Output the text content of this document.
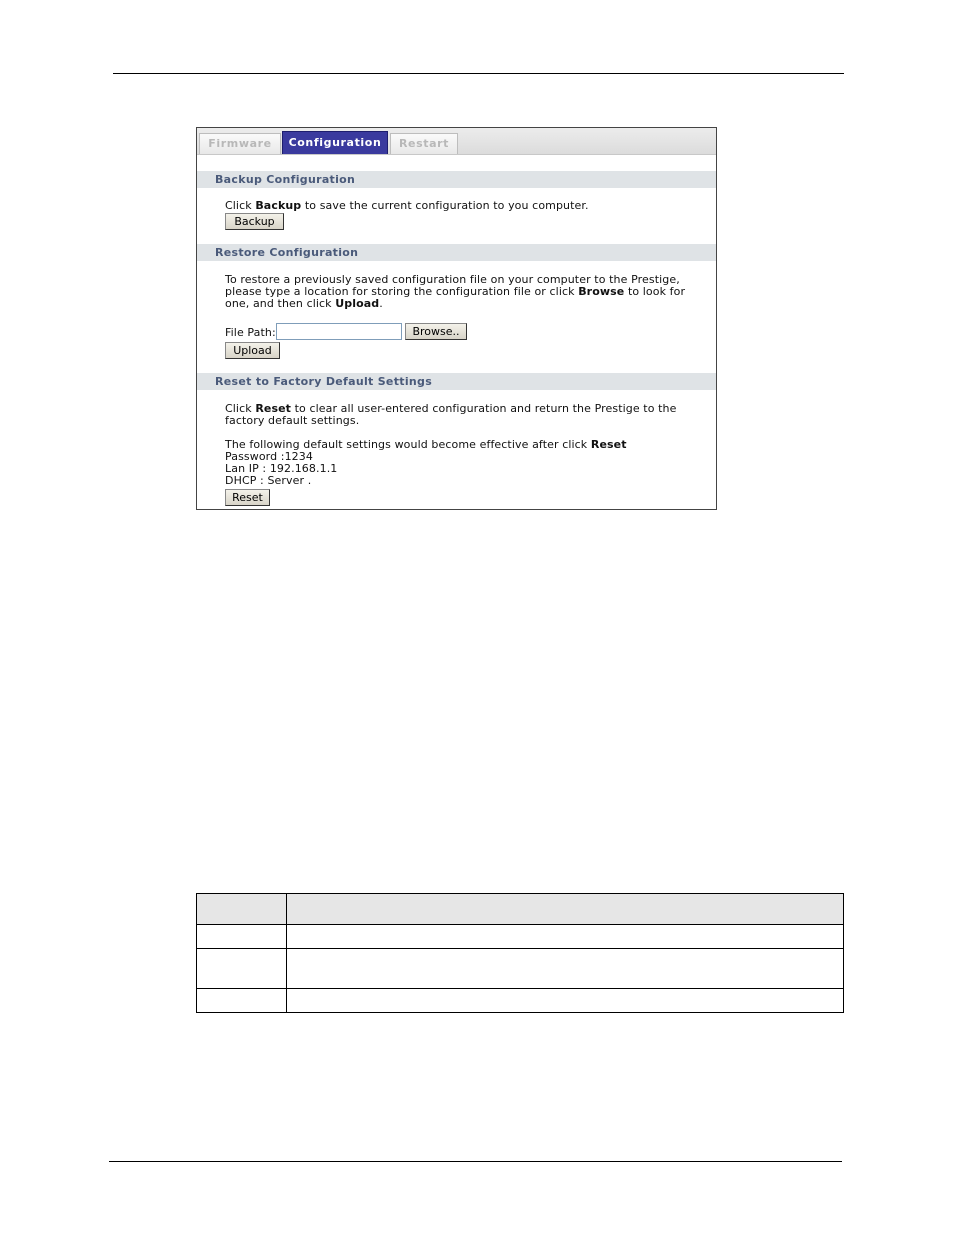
Firmware	Configuration	Restart
Backup Configuration
Click Backup to save the current configuration to you computer.
Backup
Restore Configuration
To restore a previously saved configuration file on your computer to the Prestige,
please type a location for storing the configuration file or click Browse to look for
one, and then click Upload.
File Path:	Browse..
Upload
Reset to Factory Default Settings
Click Reset to clear all user-entered configuration and return the Prestige to the
factory default settings.
The following default settings would become effective after click Reset
Password :1234
Lan IP : 192.168.1.1
DHCP : Server .
Reset
